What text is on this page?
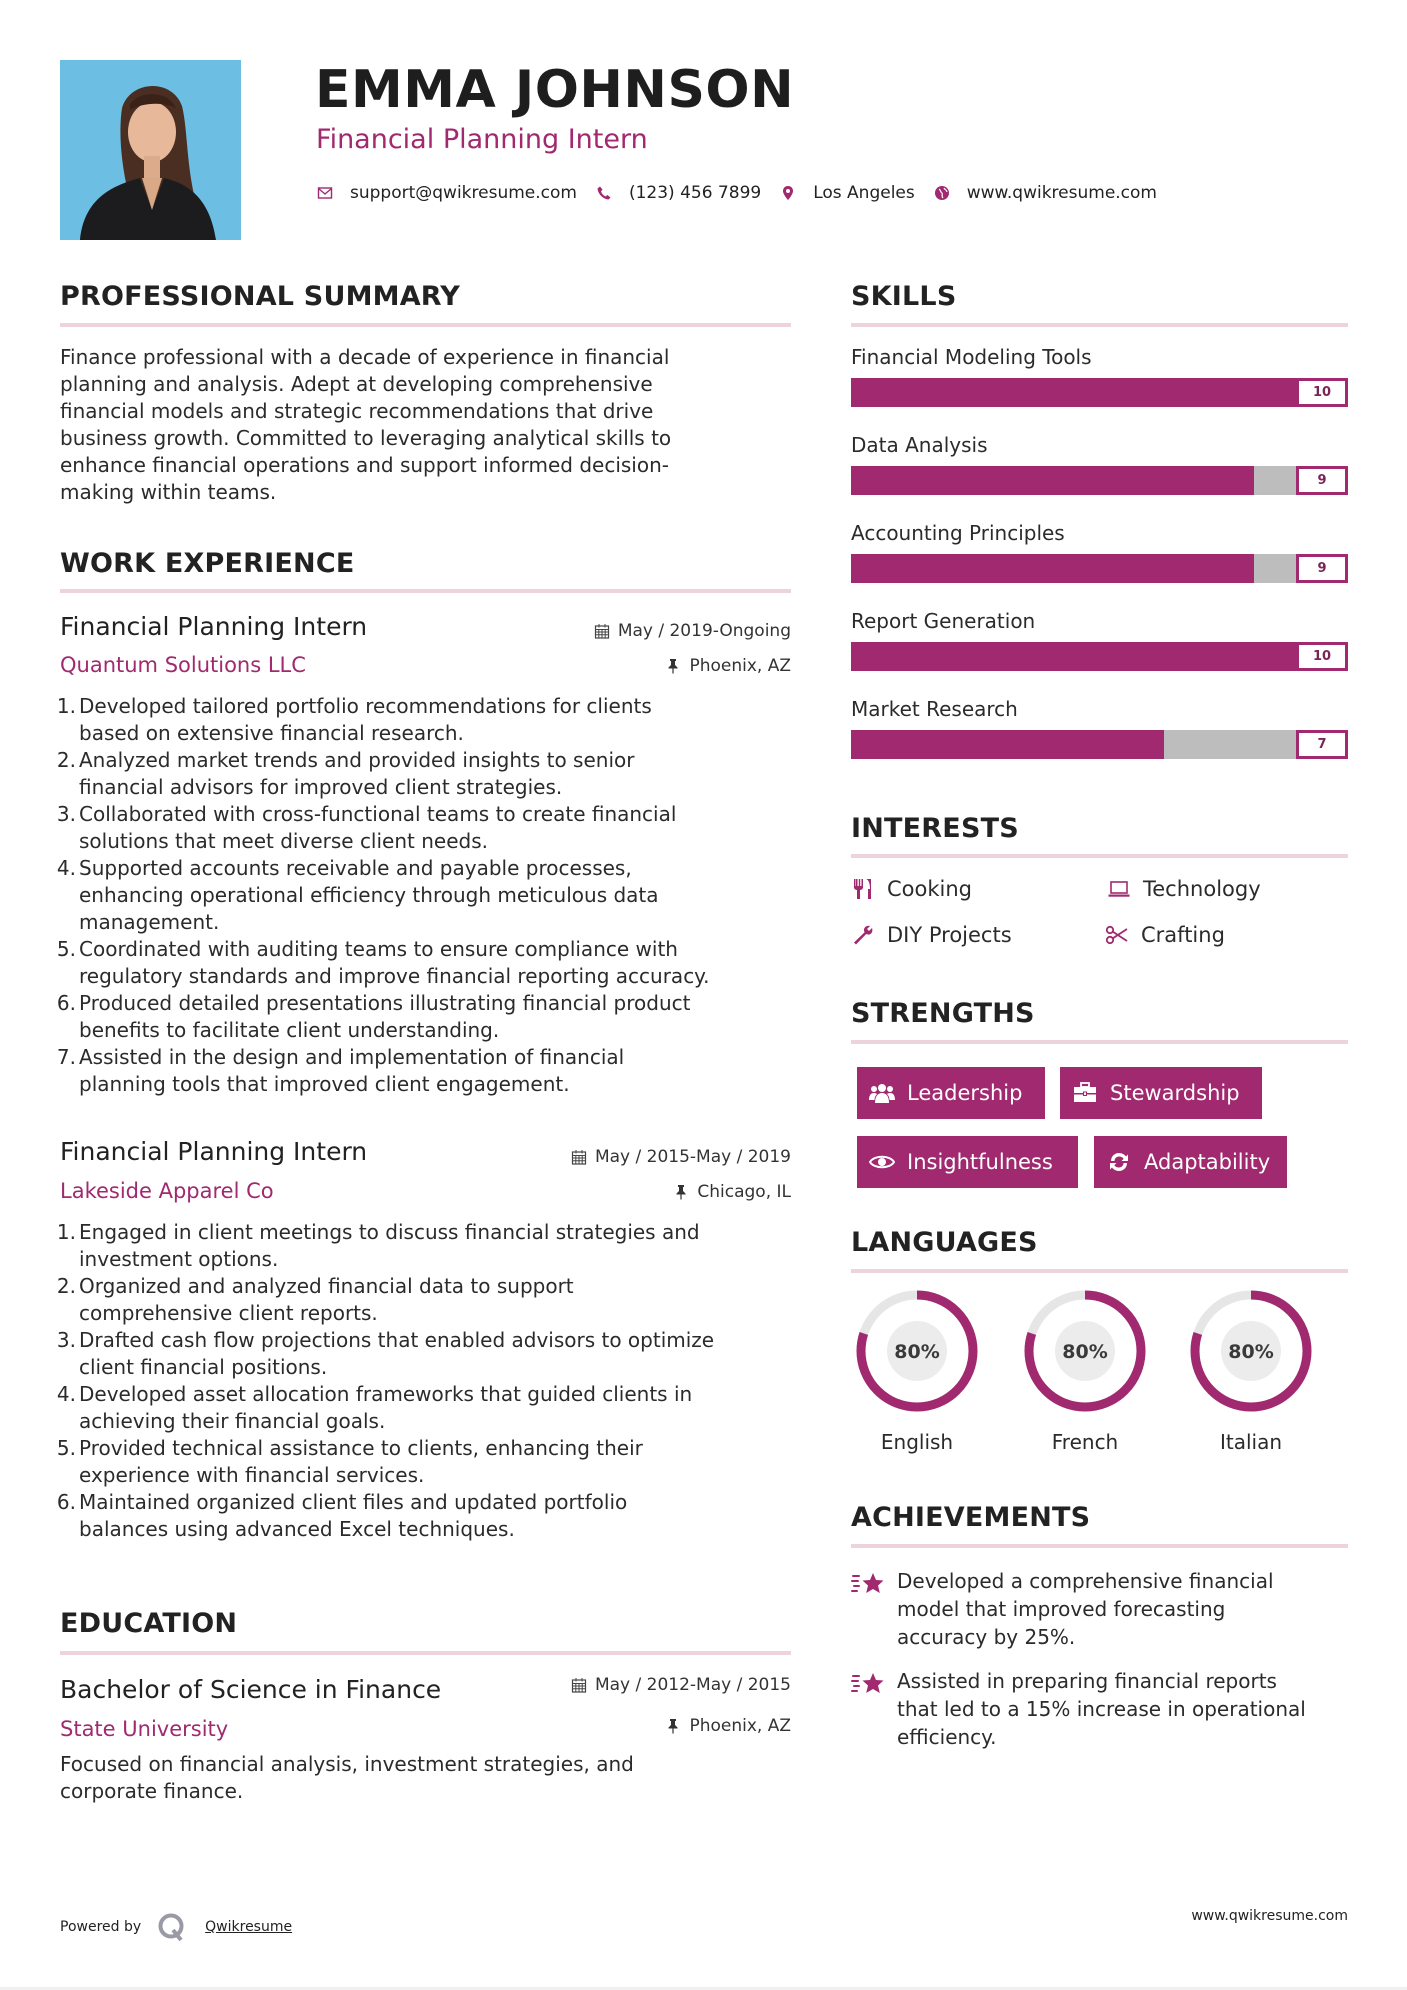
EMMA JOHNSON
Financial Planning Intern
support@qwikresume.com	(123) 456 7899	Los Angeles	www.qwikresume.com
PROFESSIONAL SUMMARY
Finance professional with a decade of experience in financial
planning and analysis. Adept at developing comprehensive
financial models and strategic recommendations that drive
business growth. Committed to leveraging analytical skills to
enhance financial operations and support informed decision-
making within teams.
WORK EXPERIENCE
Financial Planning Intern	May / 2019-Ongoing
Quantum Solutions LLC	Phoenix, AZ
1. Developed tailored portfolio recommendations for clients
based on extensive financial research.
2. Analyzed market trends and provided insights to senior
financial advisors for improved client strategies.
3. Collaborated with cross-functional teams to create financial
solutions that meet diverse client needs.
4. Supported accounts receivable and payable processes,
enhancing operational efficiency through meticulous data
management.
5. Coordinated with auditing teams to ensure compliance with
regulatory standards and improve financial reporting accuracy.
6. Produced detailed presentations illustrating financial product
benefits to facilitate client understanding.
7. Assisted in the design and implementation of financial
planning tools that improved client engagement.
Financial Planning Intern	May / 2015-May / 2019
Lakeside Apparel Co	Chicago, IL
1. Engaged in client meetings to discuss financial strategies and
investment options.
2. Organized and analyzed financial data to support
comprehensive client reports.
3. Drafted cash flow projections that enabled advisors to optimize
client financial positions.
4. Developed asset allocation frameworks that guided clients in
achieving their financial goals.
5. Provided technical assistance to clients, enhancing their
experience with financial services.
6. Maintained organized client files and updated portfolio
balances using advanced Excel techniques.
EDUCATION
Bachelor of Science in Finance	May / 2012-May / 2015
State University	Phoenix, AZ
Focused on financial analysis, investment strategies, and
corporate finance.
SKILLS
Financial Modeling Tools
10
Data Analysis
9
Accounting Principles
9
Report Generation
10
Market Research
7
INTERESTS
Cooking	Technology
DIY Projects	Crafting
STRENGTHS
Leadership	Stewardship
Insightfulness	Adaptability
LANGUAGES
80%
English
80%
French
80%
Italian
ACHIEVEMENTS
Developed a comprehensive financial
model that improved forecasting
accuracy by 25%.
Assisted in preparing financial reports
that led to a 15% increase in operational
efficiency.
Powered by	Qwikresume
www.qwikresume.com
